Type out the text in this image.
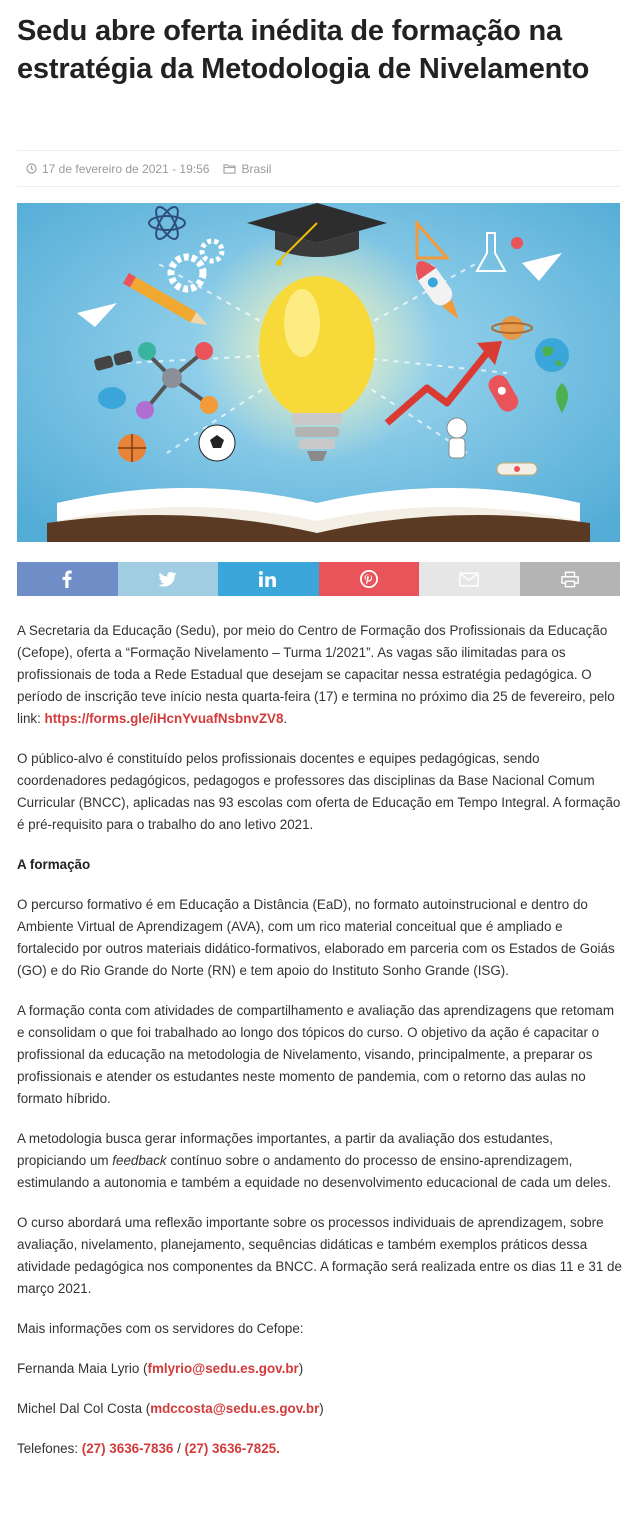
Sedu abre oferta inédita de formação na estratégia da Metodologia de Nivelamento
17 de fevereiro de 2021 - 19:56	Brasil

A Secretaria da Educação (Sedu), por meio do Centro de Formação dos Profissionais da Educação (Cefope), oferta a “Formação Nivelamento – Turma 1/2021”. As vagas são ilimitadas para os profissionais de toda a Rede Estadual que desejam se capacitar nessa estratégia pedagógica. O período de inscrição teve início nesta quarta-feira (17) e termina no próximo dia 25 de fevereiro, pelo link: https://forms.gle/iHcnYvuafNsbnvZV8.

O público-alvo é constituído pelos profissionais docentes e equipes pedagógicas, sendo coordenadores pedagógicos, pedagogos e professores das disciplinas da Base Nacional Comum Curricular (BNCC), aplicadas nas 93 escolas com oferta de Educação em Tempo Integral. A formação é pré-requisito para o trabalho do ano letivo 2021.

A formação

O percurso formativo é em Educação a Distância (EaD), no formato autoinstrucional e dentro do Ambiente Virtual de Aprendizagem (AVA), com um rico material conceitual que é ampliado e fortalecido por outros materiais didático-formativos, elaborado em parceria com os Estados de Goiás (GO) e do Rio Grande do Norte (RN) e tem apoio do Instituto Sonho Grande (ISG).

A formação conta com atividades de compartilhamento e avaliação das aprendizagens que retomam e consolidam o que foi trabalhado ao longo dos tópicos do curso. O objetivo da ação é capacitar o profissional da educação na metodologia de Nivelamento, visando, principalmente, a preparar os profissionais e atender os estudantes neste momento de pandemia, com o retorno das aulas no formato híbrido.

A metodologia busca gerar informações importantes, a partir da avaliação dos estudantes, propiciando um feedback contínuo sobre o andamento do processo de ensino-aprendizagem, estimulando a autonomia e também a equidade no desenvolvimento educacional de cada um deles.

O curso abordará uma reflexão importante sobre os processos individuais de aprendizagem, sobre avaliação, nivelamento, planejamento, sequências didáticas e também exemplos práticos dessa atividade pedagógica nos componentes da BNCC. A formação será realizada entre os dias 11 e 31 de março 2021.

Mais informações com os servidores do Cefope:

Fernanda Maia Lyrio (fmlyrio@sedu.es.gov.br)

Michel Dal Col Costa (mdccosta@sedu.es.gov.br)

Telefones: (27) 3636-7836 / (27) 3636-7825.
